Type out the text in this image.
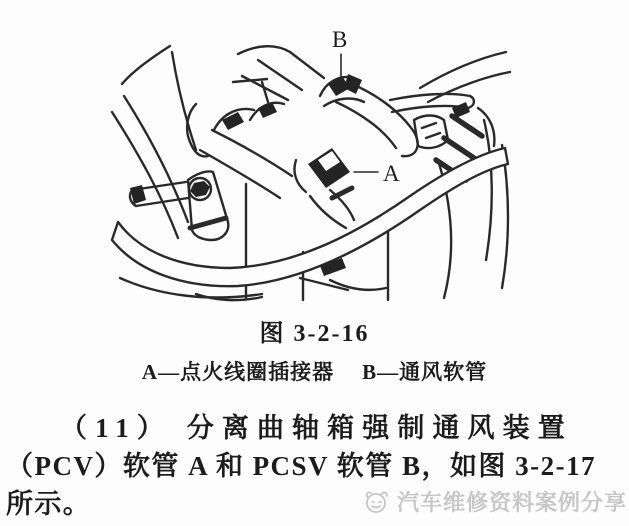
B
A
图 3-2-16
A—点火线圈插接器 B—通风软管
（11） 分离曲轴箱强制通风装置
（PCV）软管 A 和 PCSV 软管 B，如图 3-2-17
所示。	汽车维修资料案例分享
